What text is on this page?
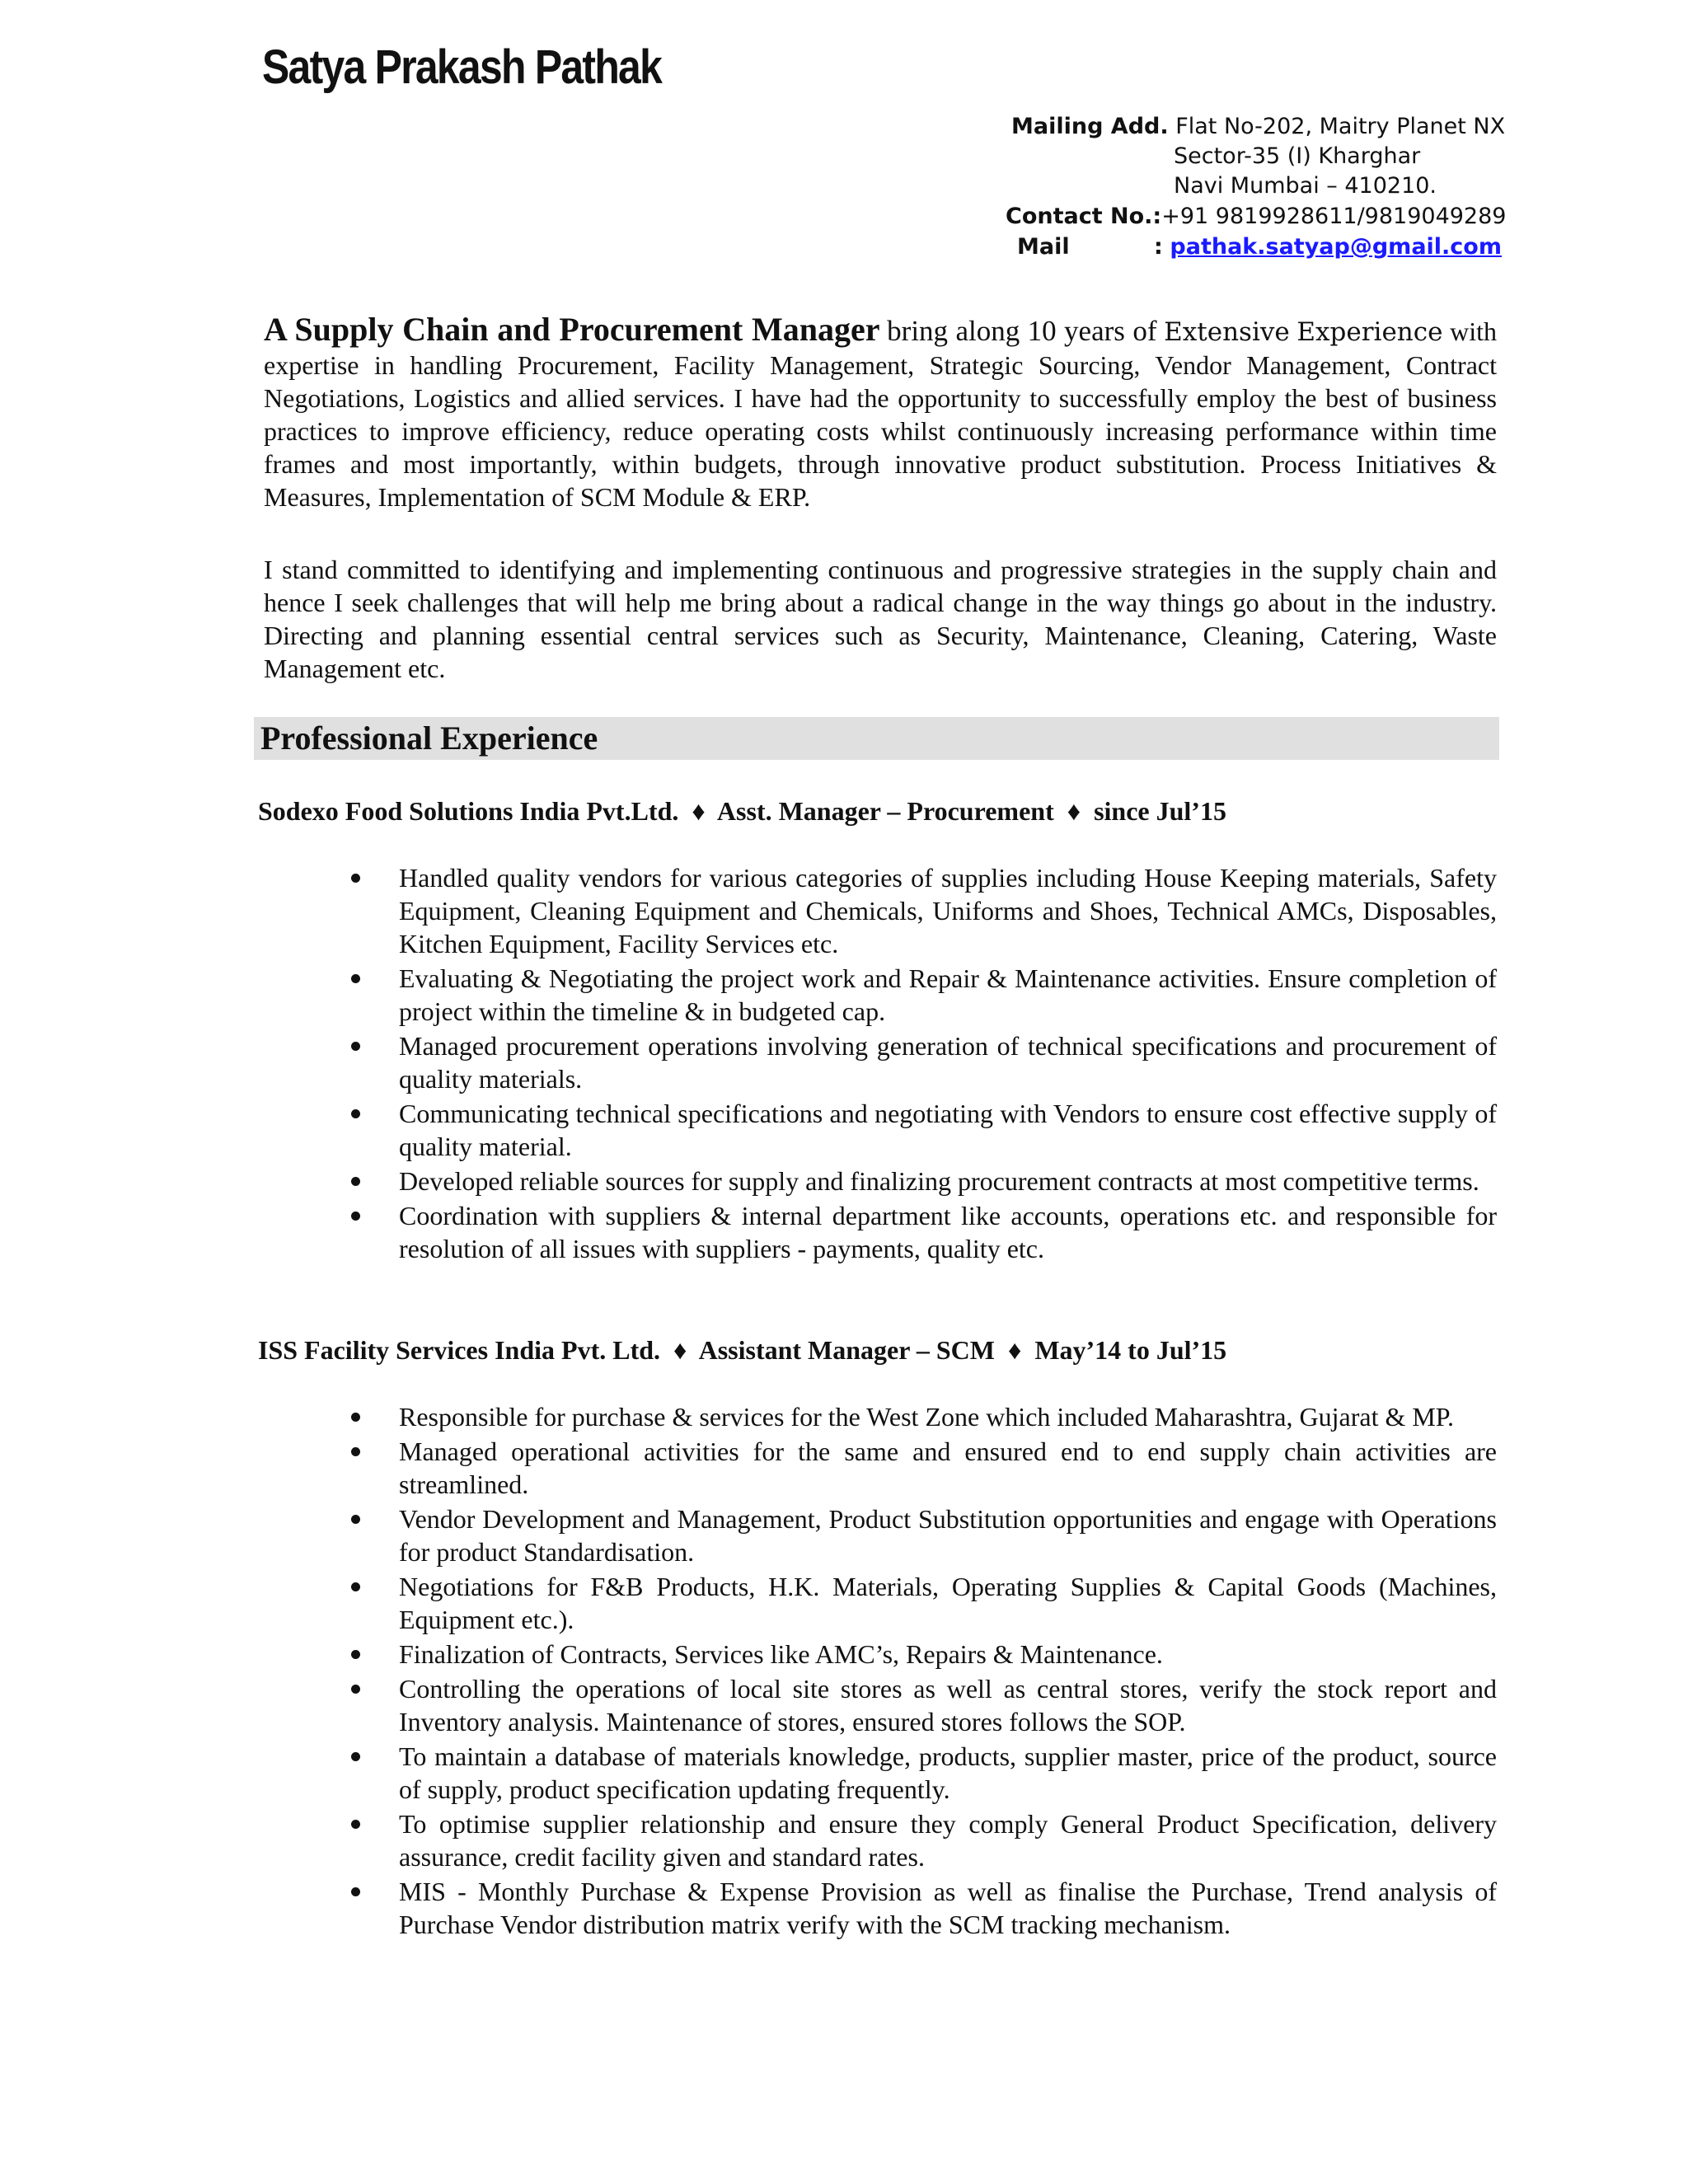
Satya Prakash Pathak
Mailing Add. Flat No-202, Maitry Planet NX
Sector-35 (I) Kharghar
Navi Mumbai – 410210.
Contact No.:+91 9819928611/9819049289
Mail	: pathak.satyap@gmail.com

A Supply Chain and Procurement Manager bring along 10 years of Extensive Experience with expertise in handling Procurement, Facility Management, Strategic Sourcing, Vendor Management, Contract Negotiations, Logistics and allied services. I have had the opportunity to successfully employ the best of business practices to improve efficiency, reduce operating costs whilst continuously increasing performance within time frames and most importantly, within budgets, through innovative product substitution. Process Initiatives & Measures, Implementation of SCM Module & ERP.

I stand committed to identifying and implementing continuous and progressive strategies in the supply chain and hence I seek challenges that will help me bring about a radical change in the way things go about in the industry. Directing and planning essential central services such as Security, Maintenance, Cleaning, Catering, Waste Management etc.

Professional Experience
Sodexo Food Solutions India Pvt.Ltd. ♦ Asst. Manager – Procurement ♦ since Jul’15
Handled quality vendors for various categories of supplies including House Keeping materials, Safety Equipment, Cleaning Equipment and Chemicals, Uniforms and Shoes, Technical AMCs, Disposables, Kitchen Equipment, Facility Services etc.
Evaluating & Negotiating the project work and Repair & Maintenance activities. Ensure completion of project within the timeline & in budgeted cap.
Managed procurement operations involving generation of technical specifications and procurement of quality materials.
Communicating technical specifications and negotiating with Vendors to ensure cost effective supply of quality material.
Developed reliable sources for supply and finalizing procurement contracts at most competitive terms.
Coordination with suppliers & internal department like accounts, operations etc. and responsible for resolution of all issues with suppliers - payments, quality etc.
ISS Facility Services India Pvt. Ltd. ♦ Assistant Manager – SCM ♦ May’14 to Jul’15
Responsible for purchase & services for the West Zone which included Maharashtra, Gujarat & MP.
Managed operational activities for the same and ensured end to end supply chain activities are streamlined.
Vendor Development and Management, Product Substitution opportunities and engage with Operations for product Standardisation.
Negotiations for F&B Products, H.K. Materials, Operating Supplies & Capital Goods (Machines, Equipment etc.).
Finalization of Contracts, Services like AMC’s, Repairs & Maintenance.
Controlling the operations of local site stores as well as central stores, verify the stock report and Inventory analysis. Maintenance of stores, ensured stores follows the SOP.
To maintain a database of materials knowledge, products, supplier master, price of the product, source of supply, product specification updating frequently.
To optimise supplier relationship and ensure they comply General Product Specification, delivery assurance, credit facility given and standard rates.
MIS - Monthly Purchase & Expense Provision as well as finalise the Purchase, Trend analysis of Purchase Vendor distribution matrix verify with the SCM tracking mechanism.
